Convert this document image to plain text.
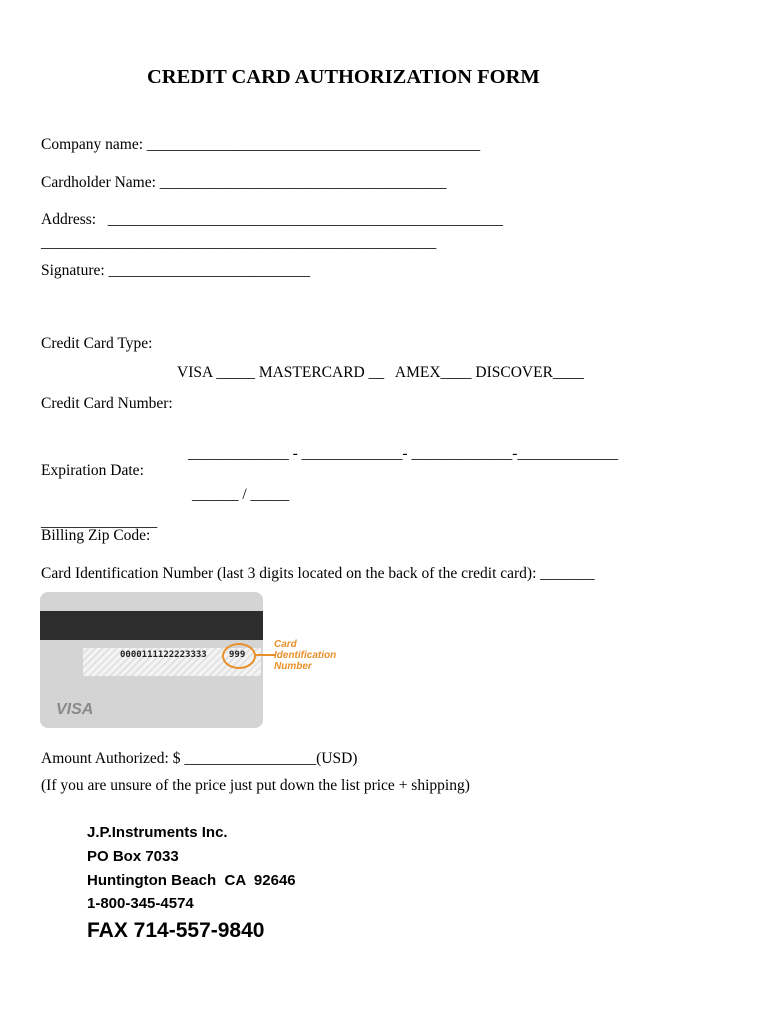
CREDIT CARD AUTHORIZATION FORM
Company name: ___________________________________________
Cardholder Name: _____________________________________
Address:   ___________________________________________________
___________________________________________________
Signature: __________________________
Credit Card Type:
VISA _____ MASTERCARD __   AMEX____ DISCOVER____
Credit Card Number:
_____________ - _____________- _____________-_____________
Expiration Date:
______ / _____
_______________
Billing Zip Code:
Card Identification Number (last 3 digits located on the back of the credit card): _______
0000111122223333 999
VISA
Card
Identification
Number
Amount Authorized: $ _________________(USD)
(If you are unsure of the price just put down the list price + shipping)
J.P.Instruments Inc.
PO Box 7033
Huntington Beach  CA  92646
1-800-345-4574
FAX 714-557-9840
